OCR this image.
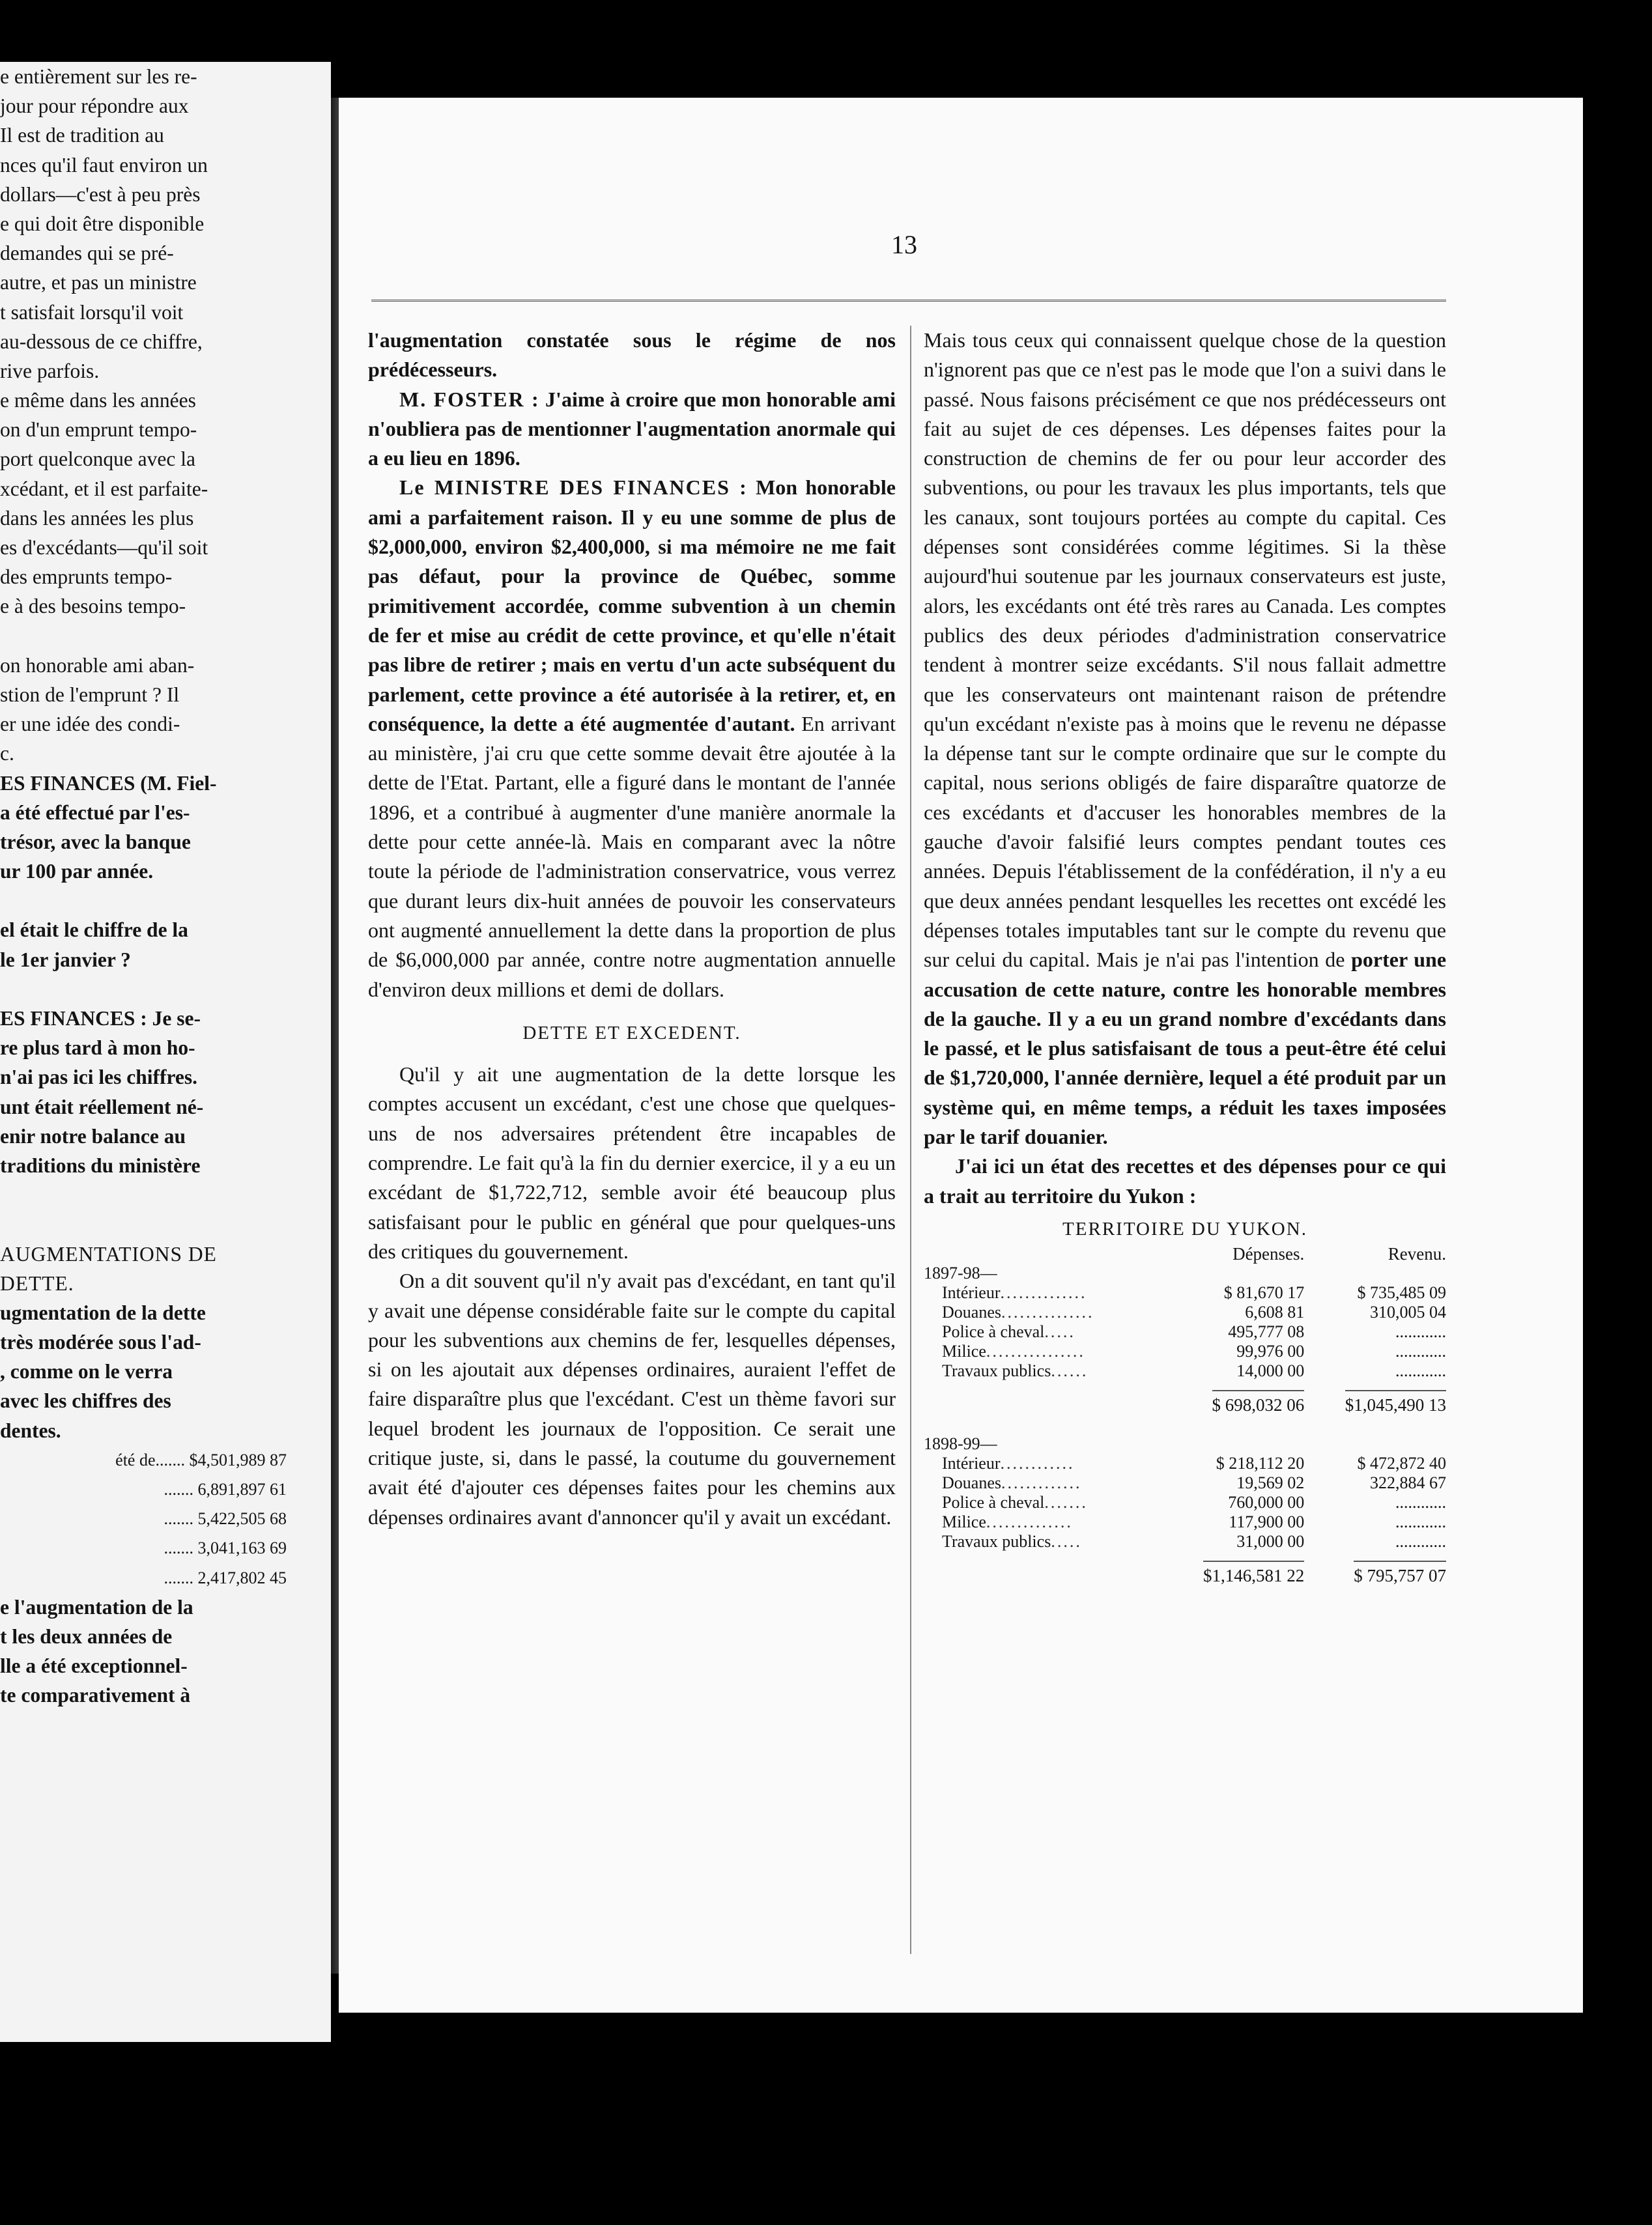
e entièrement sur les re-
jour pour répondre aux
Il est de tradition au
nces qu'il faut environ un
dollars—c'est à peu près
e qui doit être disponible
demandes qui se pré-
autre, et pas un ministre
t satisfait lorsqu'il voit
au-dessous de ce chiffre,
rive parfois.
e même dans les années
on d'un emprunt tempo-
port quelconque avec la
xcédant, et il est parfaite-
dans les années les plus
es d'excédants—qu'il soit
des emprunts tempo-
e à des besoins tempo-
on honorable ami aban-
stion de l'emprunt ? Il
er une idée des condi-
c.
ES FINANCES (M. Fiel-
a été effectué par l'es-
trésor, avec la banque
ur 100 par année.
el était le chiffre de la
le 1er janvier ?
ES FINANCES : Je se-
re plus tard à mon ho-
n'ai pas ici les chiffres.
unt était réellement né-
enir notre balance au
traditions du ministère
AUGMENTATIONS DE
DETTE.
ugmentation de la dette
très modérée sous l'ad-
, comme on le verra
avec les chiffres des
dentes.
été de....... $4,501,989 87
....... 6,891,897 61
....... 5,422,505 68
....... 3,041,163 69
....... 2,417,802 45
e l'augmentation de la
t les deux années de
lle a été exceptionnel-
te comparativement à
13

l'augmentation constatée sous le régime de nos prédécesseurs.

M. FOSTER : J'aime à croire que mon honorable ami n'oubliera pas de mentionner l'augmentation anormale qui a eu lieu en 1896.

Le MINISTRE DES FINANCES : Mon honorable ami a parfaitement raison. Il y eu une somme de plus de $2,000,000, environ $2,400,000, si ma mémoire ne me fait pas défaut, pour la province de Québec, somme primitivement accordée, comme subvention à un chemin de fer et mise au crédit de cette province, et qu'elle n'était pas libre de retirer ; mais en vertu d'un acte subséquent du parlement, cette province a été autorisée à la retirer, et, en conséquence, la dette a été augmentée d'autant. En arrivant au ministère, j'ai cru que cette somme devait être ajoutée à la dette de l'Etat. Partant, elle a figuré dans le montant de l'année 1896, et a contribué à augmenter d'une manière anormale la dette pour cette année-là. Mais en comparant avec la nôtre toute la période de l'administration conservatrice, vous verrez que durant leurs dix-huit années de pouvoir les conservateurs ont augmenté annuellement la dette dans la proportion de plus de $6,000,000 par année, contre notre augmentation annuelle d'environ deux millions et demi de dollars.

DETTE ET EXCEDENT.

Qu'il y ait une augmentation de la dette lorsque les comptes accusent un excédant, c'est une chose que quelques-uns de nos adversaires prétendent être incapables de comprendre. Le fait qu'à la fin du dernier exercice, il y a eu un excédant de $1,722,712, semble avoir été beaucoup plus satisfaisant pour le public en général que pour quelques-uns des critiques du gouvernement.

On a dit souvent qu'il n'y avait pas d'excédant, en tant qu'il y avait une dépense considérable faite sur le compte du capital pour les subventions aux chemins de fer, lesquelles dépenses, si on les ajoutait aux dépenses ordinaires, auraient l'effet de faire disparaître plus que l'excédant. C'est un thème favori sur lequel brodent les journaux de l'opposition. Ce serait une critique juste, si, dans le passé, la coutume du gouvernement avait été d'ajouter ces dépenses faites pour les chemins aux dépenses ordinaires avant d'annoncer qu'il y avait un excédant.

Mais tous ceux qui connaissent quelque chose de la question n'ignorent pas que ce n'est pas le mode que l'on a suivi dans le passé. Nous faisons précisément ce que nos prédécesseurs ont fait au sujet de ces dépenses. Les dépenses faites pour la construction de chemins de fer ou pour leur accorder des subventions, ou pour les travaux les plus importants, tels que les canaux, sont toujours portées au compte du capital. Ces dépenses sont considérées comme légitimes. Si la thèse aujourd'hui soutenue par les journaux conservateurs est juste, alors, les excédants ont été très rares au Canada. Les comptes publics des deux périodes d'administration conservatrice tendent à montrer seize excédants. S'il nous fallait admettre que les conservateurs ont maintenant raison de prétendre qu'un excédant n'existe pas à moins que le revenu ne dépasse la dépense tant sur le compte ordinaire que sur le compte du capital, nous serions obligés de faire disparaître quatorze de ces excédants et d'accuser les honorables membres de la gauche d'avoir falsifié leurs comptes pendant toutes ces années. Depuis l'établissement de la confédération, il n'y a eu que deux années pendant lesquelles les recettes ont excédé les dépenses totales imputables tant sur le compte du revenu que sur celui du capital. Mais je n'ai pas l'intention de porter une accusation de cette nature, contre les honorable membres de la gauche. Il y a eu un grand nombre d'excédants dans le passé, et le plus satisfaisant de tous a peut-être été celui de $1,720,000, l'année dernière, lequel a été produit par un système qui, en même temps, a réduit les taxes imposées par le tarif douanier.

J'ai ici un état des recettes et des dépenses pour ce qui a trait au territoire du Yukon :

TERRITOIRE DU YUKON.
	Dépenses.	Revenu.
1897-98—		
Intérieur..............	$ 81,670 17	$ 735,485 09
Douanes...............	6,608 81	310,005 04
Police à cheval.....	495,777 08	............
Milice................	99,976 00	............
Travaux publics......	14,000 00	............
	$ 698,032 06	$1,045,490 13

1898-99—		
Intérieur............	$ 218,112 20	$ 472,872 40
Douanes.............	19,569 02	322,884 67
Police à cheval.......	760,000 00	............
Milice..............	117,900 00	............
Travaux publics.....	31,000 00	............
	$1,146,581 22	$ 795,757 07
